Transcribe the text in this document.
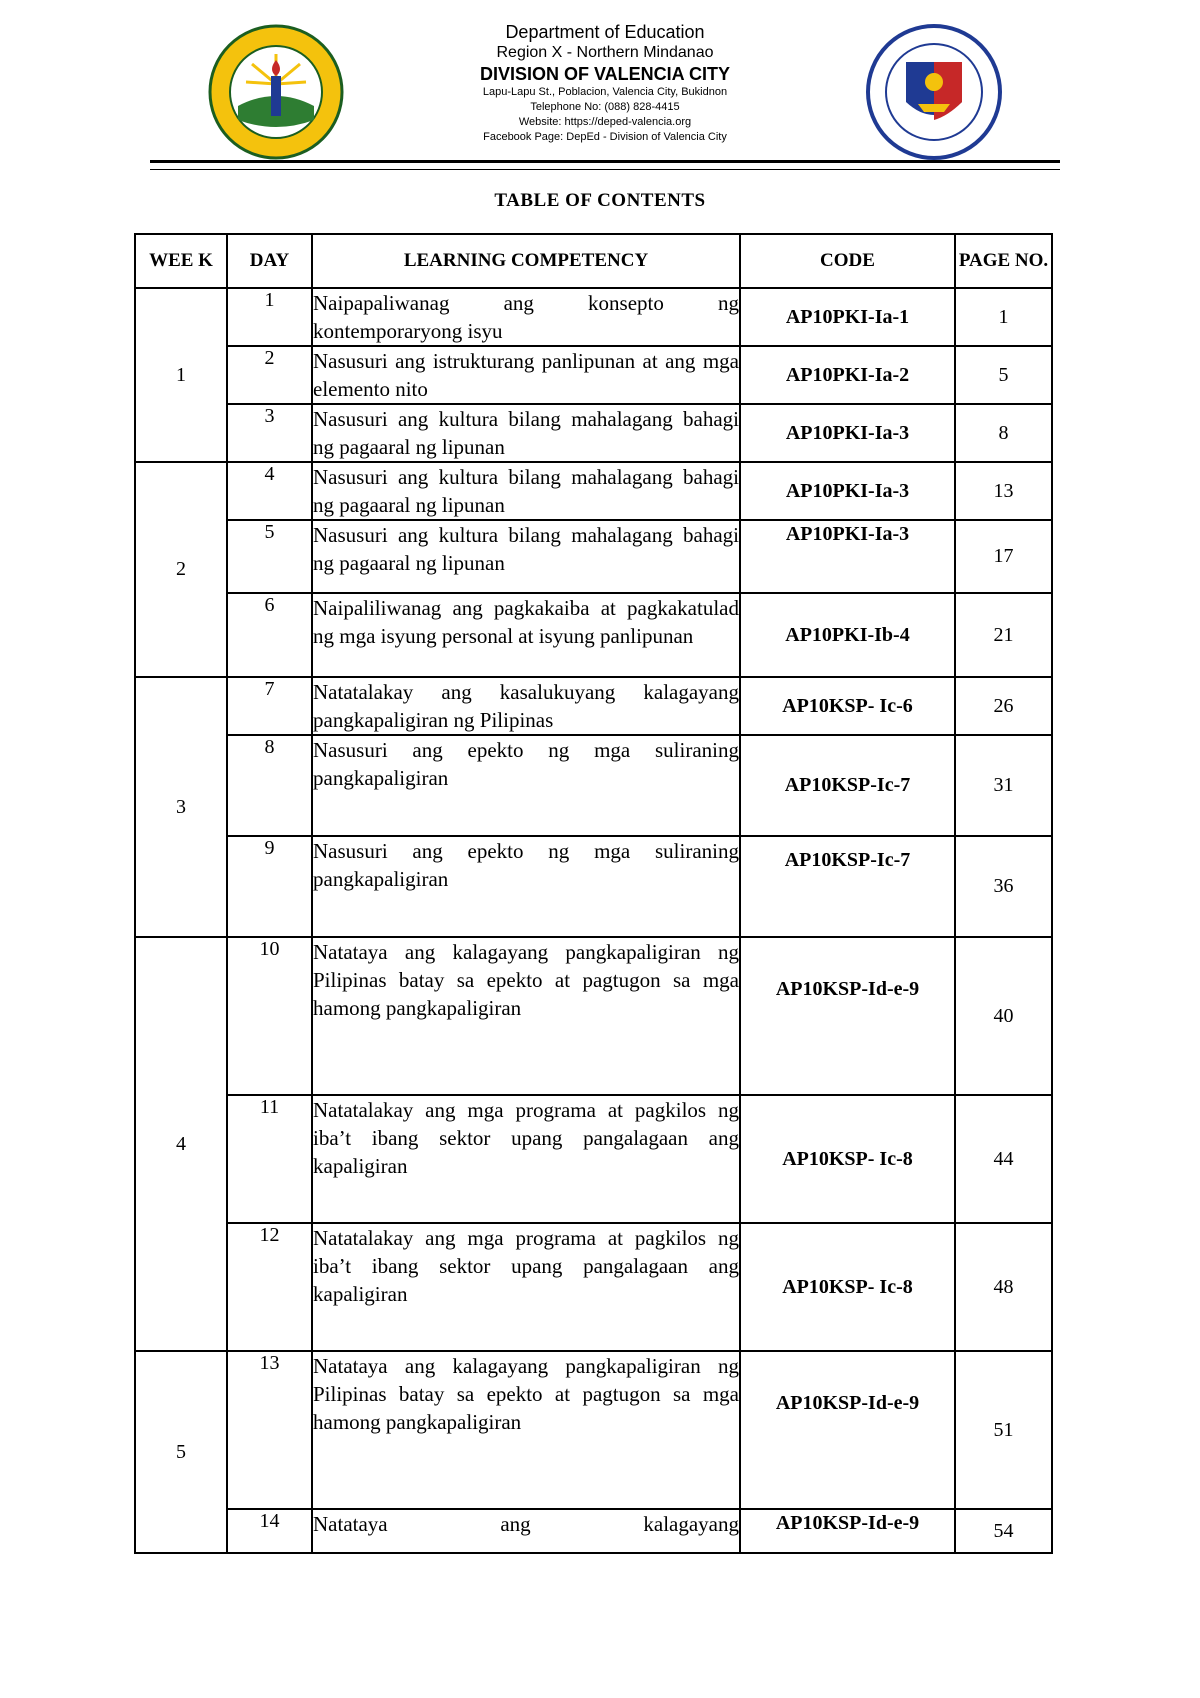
Department of Education
Region X - Northern Mindanao
DIVISION OF VALENCIA CITY
Lapu-Lapu St., Poblacion, Valencia City, Bukidnon
Telephone No: (088) 828-4415
Website: https://deped-valencia.org
Facebook Page: DepEd - Division of Valencia City
TABLE OF CONTENTS
WEE K	DAY	LEARNING COMPETENCY	CODE	PAGE NO.
1	1	Naipapaliwanag ang konsepto ng kontemporaryong isyu	AP10PKI-Ia-1	1
	2	Nasusuri ang istrukturang panlipunan at ang mga elemento nito	AP10PKI-Ia-2	5
	3	Nasusuri ang kultura bilang mahalagang bahagi ng pagaaral ng lipunan	AP10PKI-Ia-3	8
2	4	Nasusuri ang kultura bilang mahalagang bahagi ng pagaaral ng lipunan	AP10PKI-Ia-3	13
	5	Nasusuri ang kultura bilang mahalagang bahagi ng pagaaral ng lipunan	AP10PKI-Ia-3	17
	6	Naipaliliwanag ang pagkakaiba at pagkakatulad ng mga isyung personal at isyung panlipunan	AP10PKI-Ib-4	21
3	7	Natatalakay ang kasalukuyang kalagayang pangkapaligiran ng Pilipinas	AP10KSP- Ic-6	26
	8	Nasusuri ang epekto ng mga suliraning pangkapaligiran	AP10KSP-Ic-7	31
	9	Nasusuri ang epekto ng mga suliraning pangkapaligiran	AP10KSP-Ic-7	36
4	10	Natataya ang kalagayang pangkapaligiran ng Pilipinas batay sa epekto at pagtugon sa mga hamong pangkapaligiran	AP10KSP-Id-e-9	40
	11	Natatalakay ang mga programa at pagkilos ng iba’t ibang sektor upang pangalagaan ang kapaligiran	AP10KSP- Ic-8	44
	12	Natatalakay ang mga programa at pagkilos ng iba’t ibang sektor upang pangalagaan ang kapaligiran	AP10KSP- Ic-8	48
5	13	Natataya ang kalagayang pangkapaligiran ng Pilipinas batay sa epekto at pagtugon sa mga hamong pangkapaligiran	AP10KSP-Id-e-9	51
	14	Natataya ang kalagayang	AP10KSP-Id-e-9	54
